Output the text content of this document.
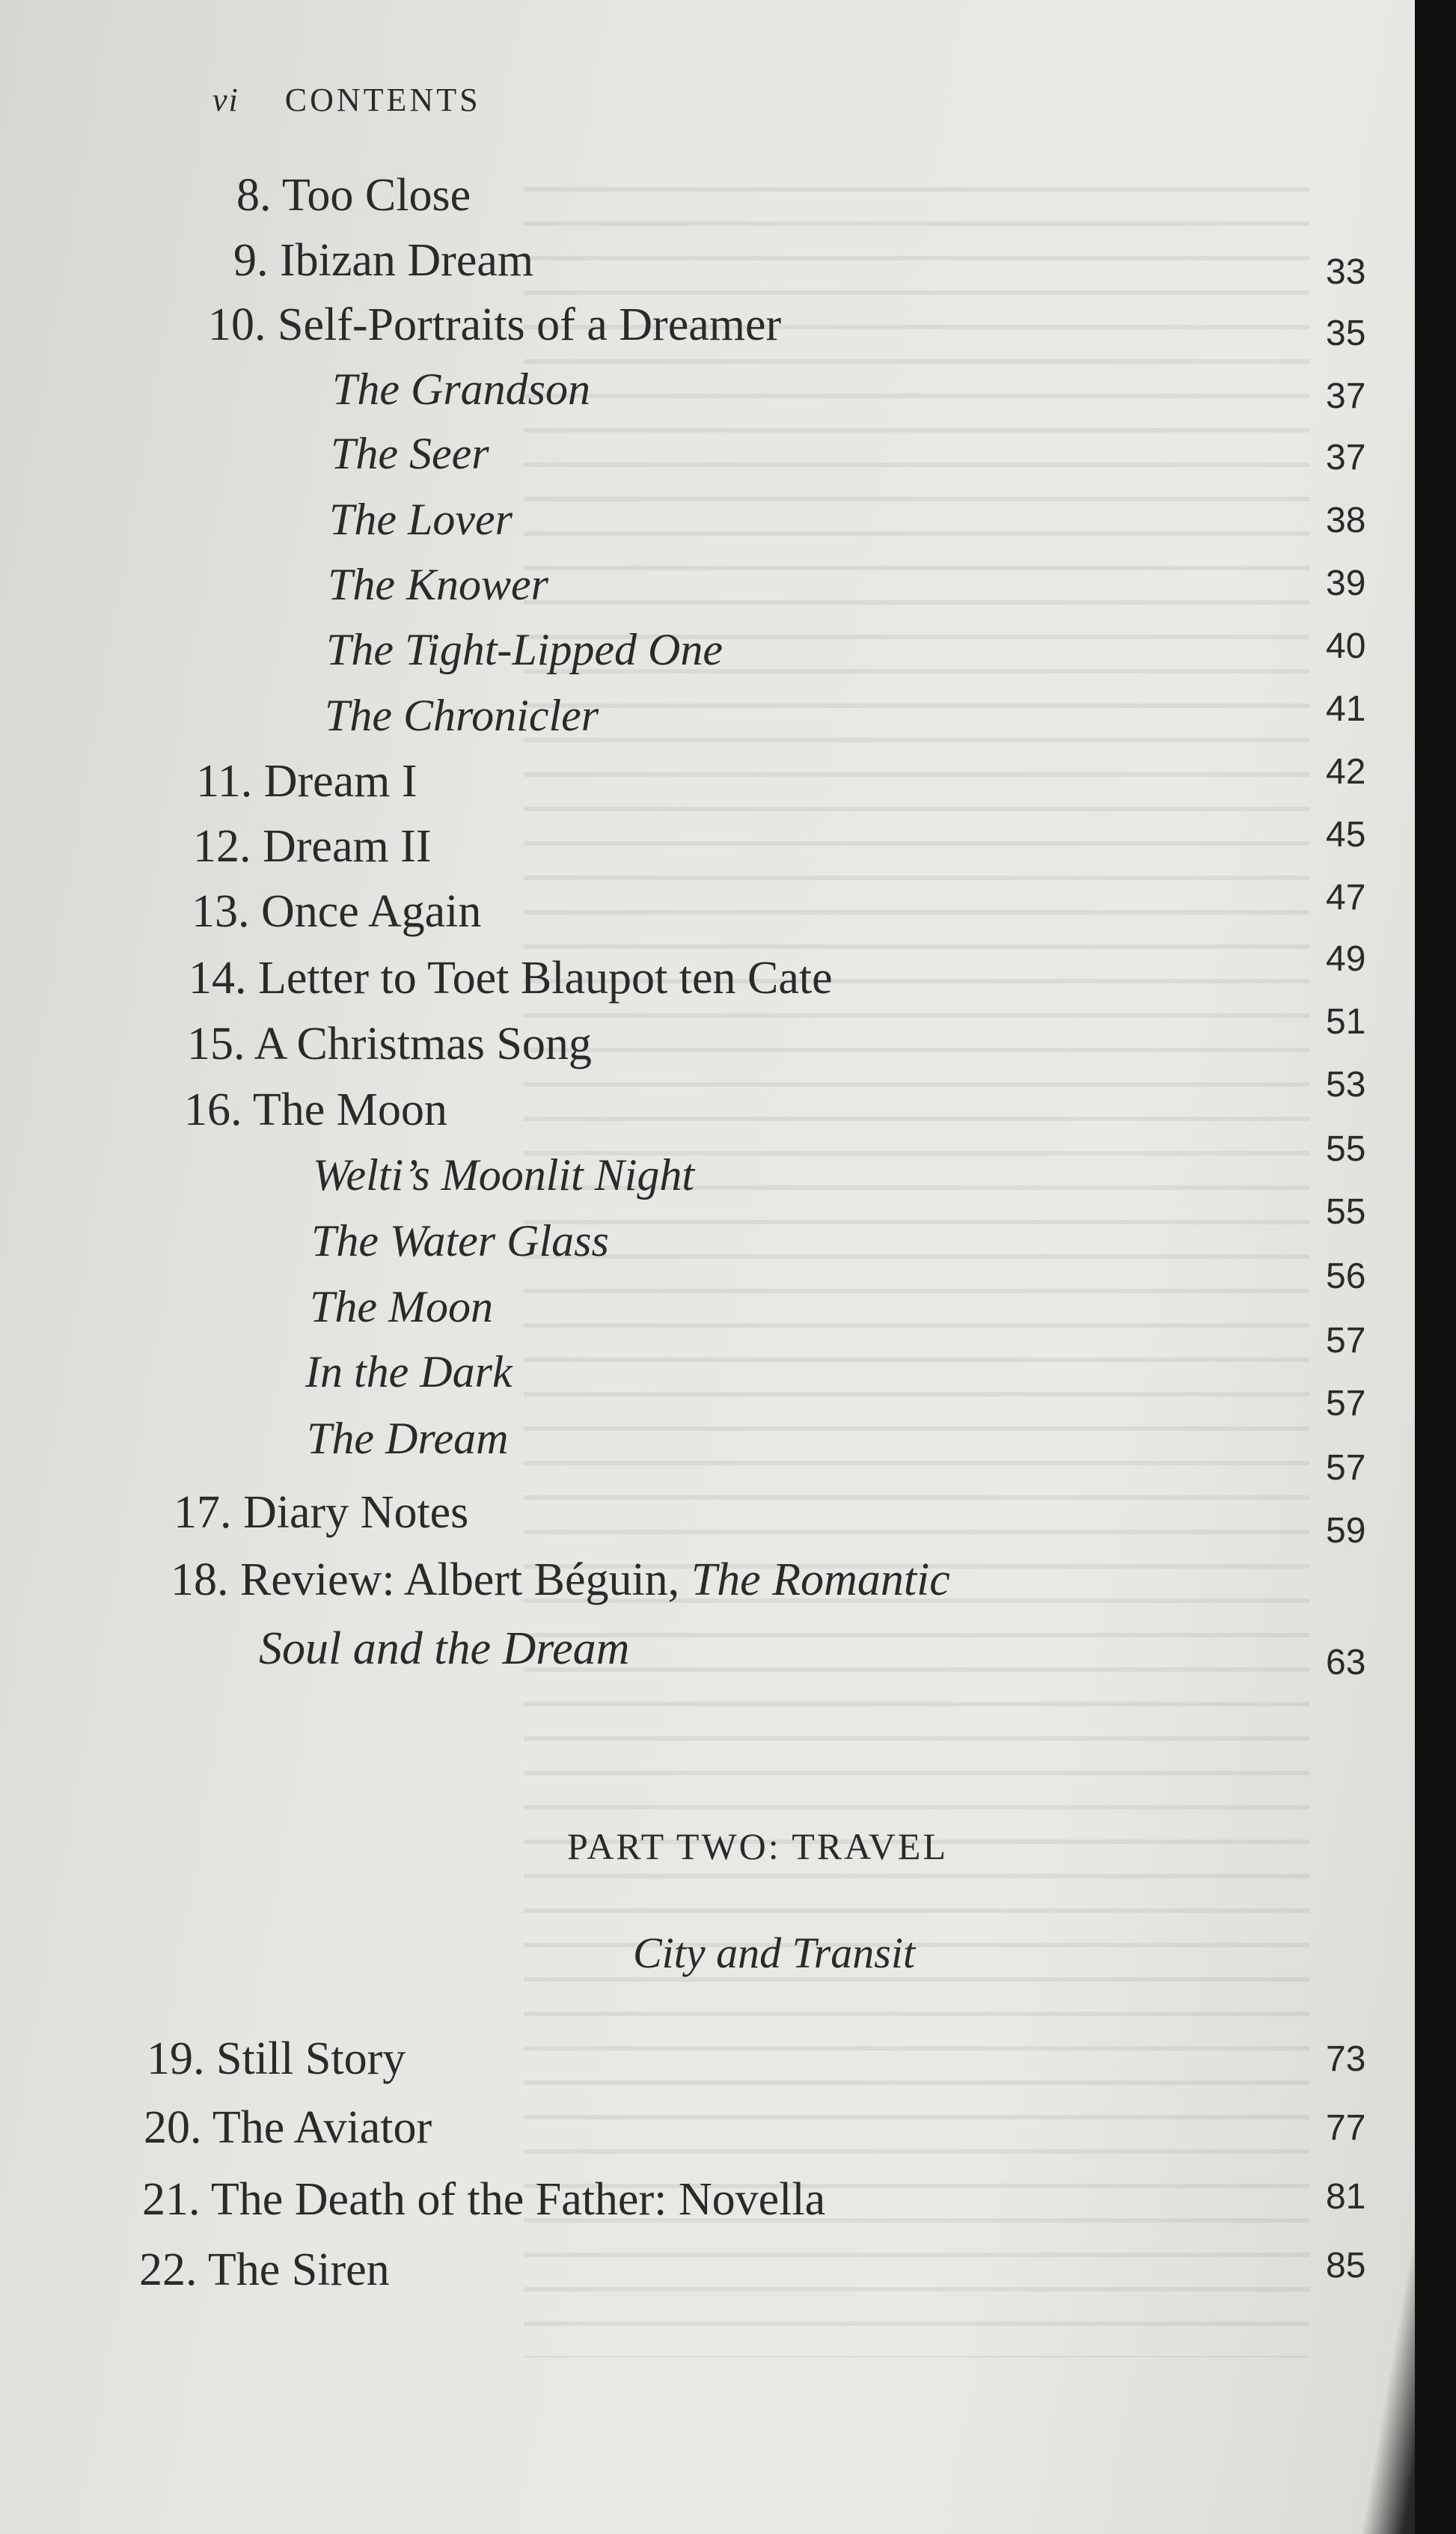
vi CONTENTS
8. Too Close
9. Ibizan Dream
10. Self-Portraits of a Dreamer
The Grandson
The Seer
The Lover
The Knower
The Tight-Lipped One
The Chronicler
11. Dream I
12. Dream II
13. Once Again
14. Letter to Toet Blaupot ten Cate
15. A Christmas Song
16. The Moon
Welti’s Moonlit Night
The Water Glass
The Moon
In the Dark
The Dream
17. Diary Notes
18. Review: Albert Béguin, The Romantic
Soul and the Dream
PART TWO: TRAVEL
City and Transit
19. Still Story
20. The Aviator
21. The Death of the Father: Novella
22. The Siren
33
35
37
37
38
39
40
41
42
45
47
49
51
53
55
55
56
57
57
57
59
63
73
77
81
85
